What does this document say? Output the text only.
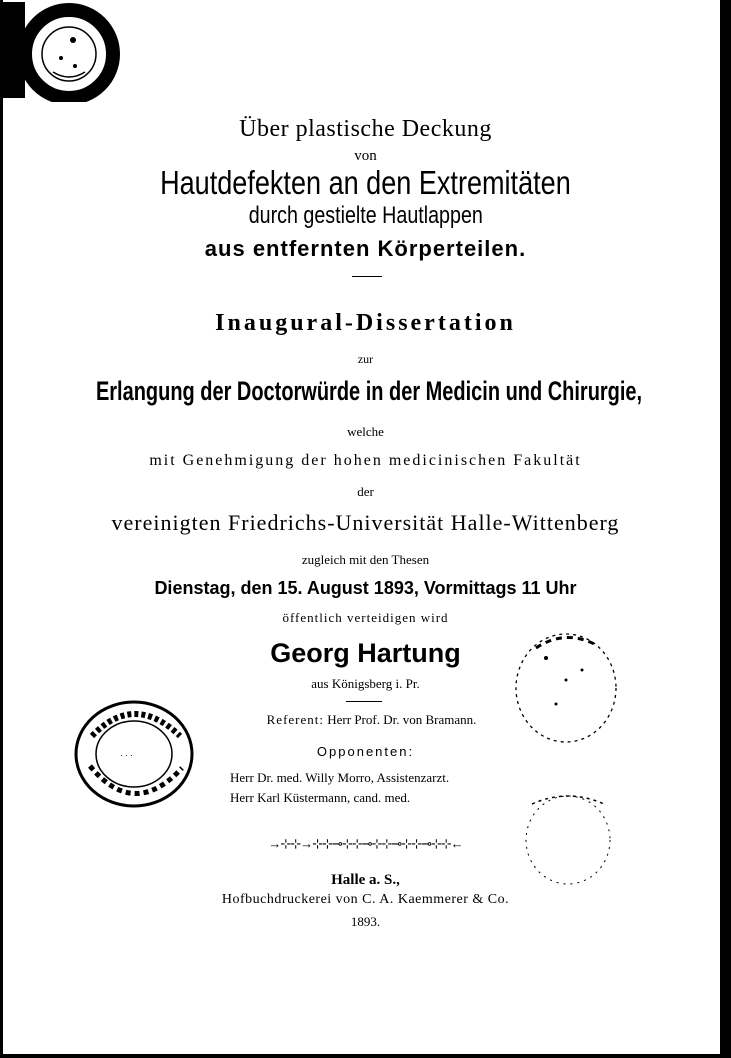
∙ ∙ ∙
Über plastische Deckung
von
Hautdefekten an den Extremitäten
durch gestielte Hautlappen
aus entfernten Körperteilen.
Inaugural-Dissertation
zur
Erlangung der Doctorwürde in der Medicin und Chirurgie,
welche
mit Genehmigung der hohen medicinischen Fakultät
der
vereinigten Friedrichs-Universität Halle-Wittenberg
zugleich mit den Thesen
Dienstag, den 15. August 1893, Vormittags 11 Uhr
öffentlich verteidigen wird
Georg Hartung
aus Königsberg i. Pr.
Referent: Herr Prof. Dr. von Bramann.
Opponenten:
Herr Dr. med. Willy Morro, Assistenzarzt.
Herr Karl Küstermann, cand. med.
→⊹⊹→⊹⊹⊸⊹⊹⊸⊹⊹⊸⊹⊹⊸⊹⊹←
Halle a. S.,
Hofbuchdruckerei von C. A. Kaemmerer & Co.
1893.
